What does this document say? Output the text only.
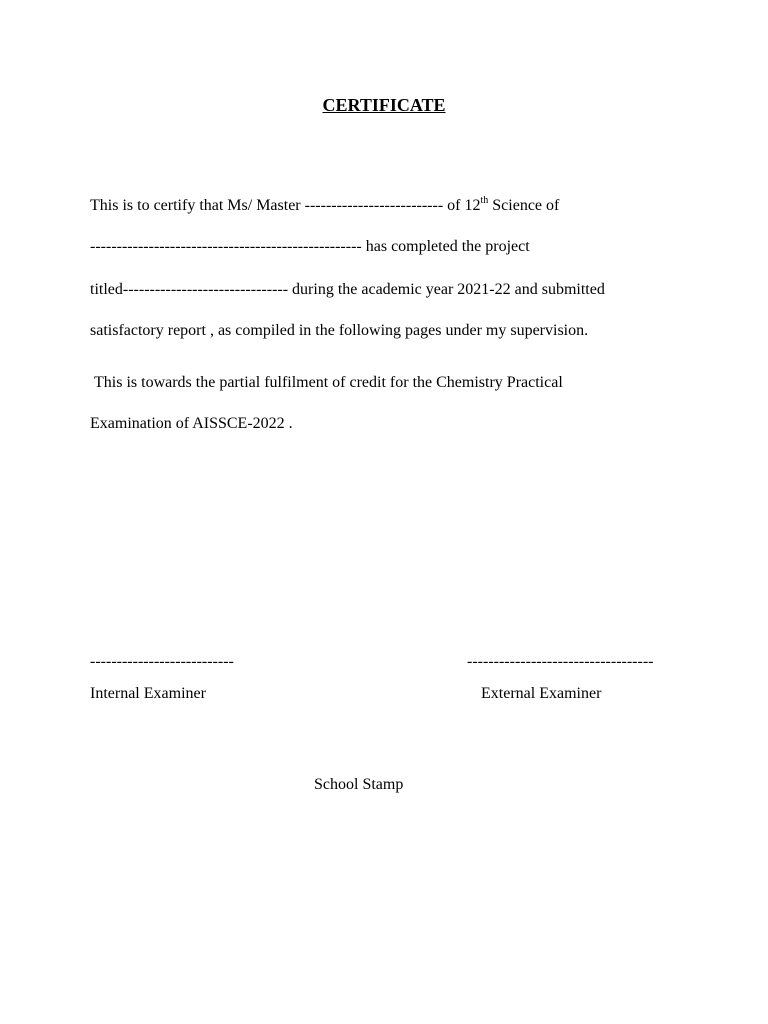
CERTIFICATE
This is to certify that Ms/ Master -------------------------- of 12th Science of
--------------------------------------------------- has completed the project
titled------------------------------- during the academic year 2021-22 and submitted
satisfactory report , as compiled in the following pages under my supervision.
This is towards the partial fulfilment of credit for the Chemistry Practical
Examination of AISSCE-2022 .
---------------------------
Internal Examiner
-----------------------------------
External Examiner
School Stamp
